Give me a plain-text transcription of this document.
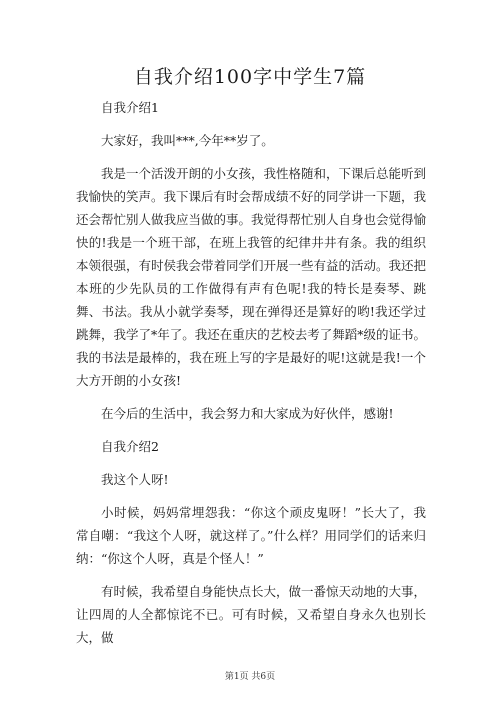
自我介绍100字中学生7篇

自我介绍1

大家好，我叫***,今年**岁了。

我是一个活泼开朗的小女孩，我性格随和，下课后总能听到我愉快的笑声。我下课后有时会帮成绩不好的同学讲一下题，我还会帮忙别人做我应当做的事。我觉得帮忙别人自身也会觉得愉快的!我是一个班干部，在班上我管的纪律井井有条。我的组织本领很强，有时侯我会带着同学们开展一些有益的活动。我还把本班的少先队员的工作做得有声有色呢!我的特长是奏琴、跳舞、书法。我从小就学奏琴，现在弹得还是算好的哟!我还学过跳舞，我学了*年了。我还在重庆的艺校去考了舞蹈*级的证书。我的书法是最棒的，我在班上写的字是最好的呢!这就是我!一个大方开朗的小女孩!

在今后的生活中，我会努力和大家成为好伙伴，感谢!

自我介绍2

我这个人呀!

小时候，妈妈常埋怨我：“你这个顽皮鬼呀！”长大了，我常自嘲：“我这个人呀，就这样了。”什么样？用同学们的话来归纳：“你这个人呀，真是个怪人！”

有时候，我希望自身能快点长大，做一番惊天动地的大事，让四周的人全都惊诧不已。可有时候，又希望自身永久也别长大，做

第1页 共6页
